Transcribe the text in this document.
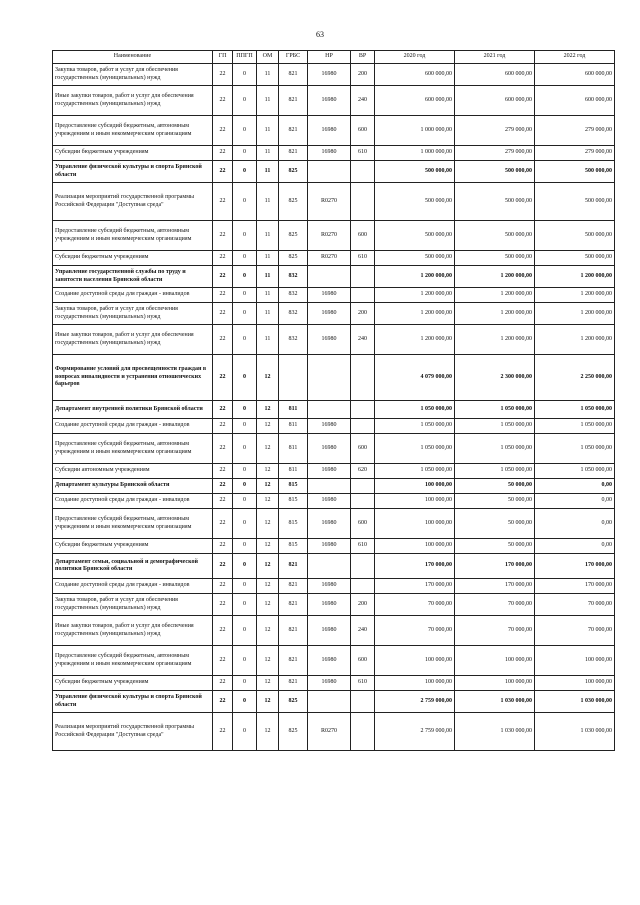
63
Наименование	ГП	ППГП	ОМ	ГРБС	НР	ВР	2020 год	2021 год	2022 год
Закупка товаров, работ и услуг для обеспечения государственных (муниципальных) нужд	22	0	11	821	16980	200	600 000,00	600 000,00	600 000,00
Иные закупки товаров, работ и услуг для обеспечения государственных (муниципальных) нужд	22	0	11	821	16980	240	600 000,00	600 000,00	600 000,00
Предоставление субсидий бюджетным, автономным учреждениям и иным некоммерческим организациям	22	0	11	821	16980	600	1 000 000,00	279 000,00	279 000,00
Субсидии бюджетным учреждениям	22	0	11	821	16980	610	1 000 000,00	279 000,00	279 000,00
Управление физической культуры и спорта Брянской области	22	0	11	825			500 000,00	500 000,00	500 000,00
Реализация мероприятий государственной программы Российской Федерации "Доступная среда"	22	0	11	825	R0270		500 000,00	500 000,00	500 000,00
Предоставление субсидий бюджетным, автономным учреждениям и иным некоммерческим организациям	22	0	11	825	R0270	600	500 000,00	500 000,00	500 000,00
Субсидии бюджетным учреждениям	22	0	11	825	R0270	610	500 000,00	500 000,00	500 000,00
Управление государственной службы по труду и занятости населения Брянской области	22	0	11	832			1 200 000,00	1 200 000,00	1 200 000,00
Создание доступной среды для граждан - инвалидов	22	0	11	832	16980		1 200 000,00	1 200 000,00	1 200 000,00
Закупка товаров, работ и услуг для обеспечения государственных (муниципальных) нужд	22	0	11	832	16980	200	1 200 000,00	1 200 000,00	1 200 000,00
Иные закупки товаров, работ и услуг для обеспечения государственных (муниципальных) нужд	22	0	11	832	16980	240	1 200 000,00	1 200 000,00	1 200 000,00
Формирование условий для просвещенности граждан в вопросах инвалидности и устранения отношенческих барьеров	22	0	12				4 079 000,00	2 300 000,00	2 250 000,00
Департамент внутренней политики Брянской области	22	0	12	811			1 050 000,00	1 050 000,00	1 050 000,00
Создание доступной среды для граждан - инвалидов	22	0	12	811	16980		1 050 000,00	1 050 000,00	1 050 000,00
Предоставление субсидий бюджетным, автономным учреждениям и иным некоммерческим организациям	22	0	12	811	16980	600	1 050 000,00	1 050 000,00	1 050 000,00
Субсидии автономным учреждениям	22	0	12	811	16980	620	1 050 000,00	1 050 000,00	1 050 000,00
Департамент культуры Брянской области	22	0	12	815			100 000,00	50 000,00	0,00
Создание доступной среды для граждан - инвалидов	22	0	12	815	16980		100 000,00	50 000,00	0,00
Предоставление субсидий бюджетным, автономным учреждениям и иным некоммерческим организациям	22	0	12	815	16980	600	100 000,00	50 000,00	0,00
Субсидии бюджетным учреждениям	22	0	12	815	16980	610	100 000,00	50 000,00	0,00
Департамент семьи, социальной и демографической политики Брянской области	22	0	12	821			170 000,00	170 000,00	170 000,00
Создание доступной среды для граждан - инвалидов	22	0	12	821	16980		170 000,00	170 000,00	170 000,00
Закупка товаров, работ и услуг для обеспечения государственных (муниципальных) нужд	22	0	12	821	16980	200	70 000,00	70 000,00	70 000,00
Иные закупки товаров, работ и услуг для обеспечения государственных (муниципальных) нужд	22	0	12	821	16980	240	70 000,00	70 000,00	70 000,00
Предоставление субсидий бюджетным, автономным учреждениям и иным некоммерческим организациям	22	0	12	821	16980	600	100 000,00	100 000,00	100 000,00
Субсидии бюджетным учреждениям	22	0	12	821	16980	610	100 000,00	100 000,00	100 000,00
Управление физической культуры и спорта Брянской области	22	0	12	825			2 759 000,00	1 030 000,00	1 030 000,00
Реализация мероприятий государственной программы Российской Федерации "Доступная среда"	22	0	12	825	R0270		2 759 000,00	1 030 000,00	1 030 000,00
